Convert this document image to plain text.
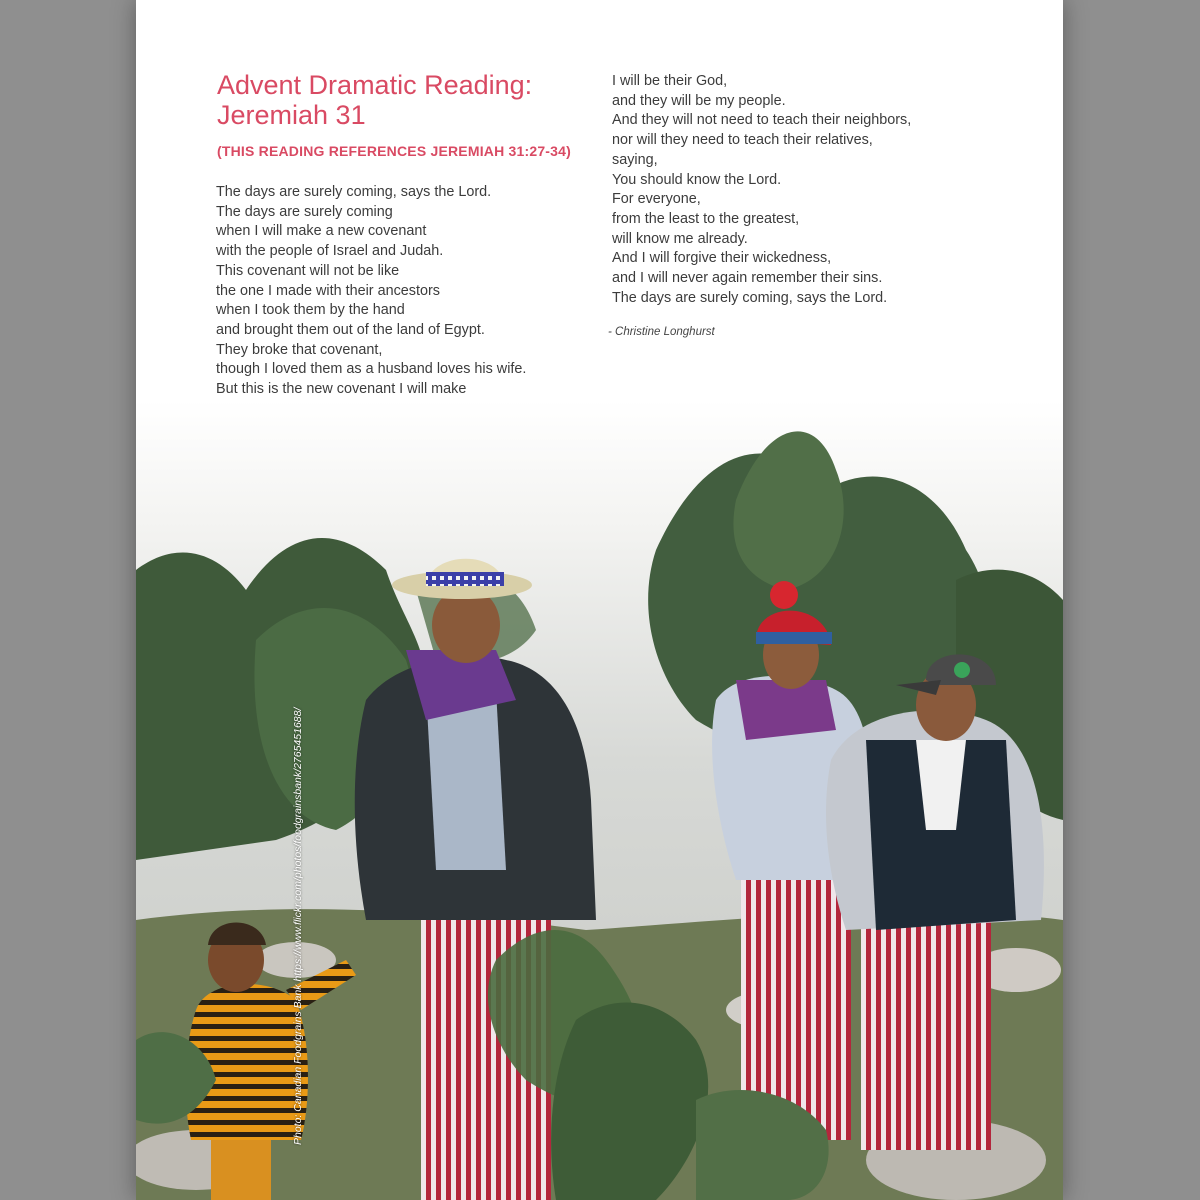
Advent Dramatic Reading: Jeremiah 31
(THIS READING REFERENCES JEREMIAH 31:27-34)
The days are surely coming, says the Lord.
The days are surely coming
when I will make a new covenant
with the people of Israel and Judah.
This covenant will not be like
the one I made with their ancestors
when I took them by the hand
and brought them out of the land of Egypt.
They broke that covenant,
though I loved them as a husband loves his wife.
But this is the new covenant I will make
I will be their God,
and they will be my people.
And they will not need to teach their neighbors,
nor will they need to teach their relatives,
saying,
You should know the Lord.
For everyone,
from the least to the greatest,
will know me already.
And I will forgive their wickedness,
and I will never again remember their sins.
The days are surely coming, says the Lord.

- Christine Longhurst

Photo: Canadian Foodgrains Bank https://www.flickr.com/photos/foodgrainsbank/2765451688/
